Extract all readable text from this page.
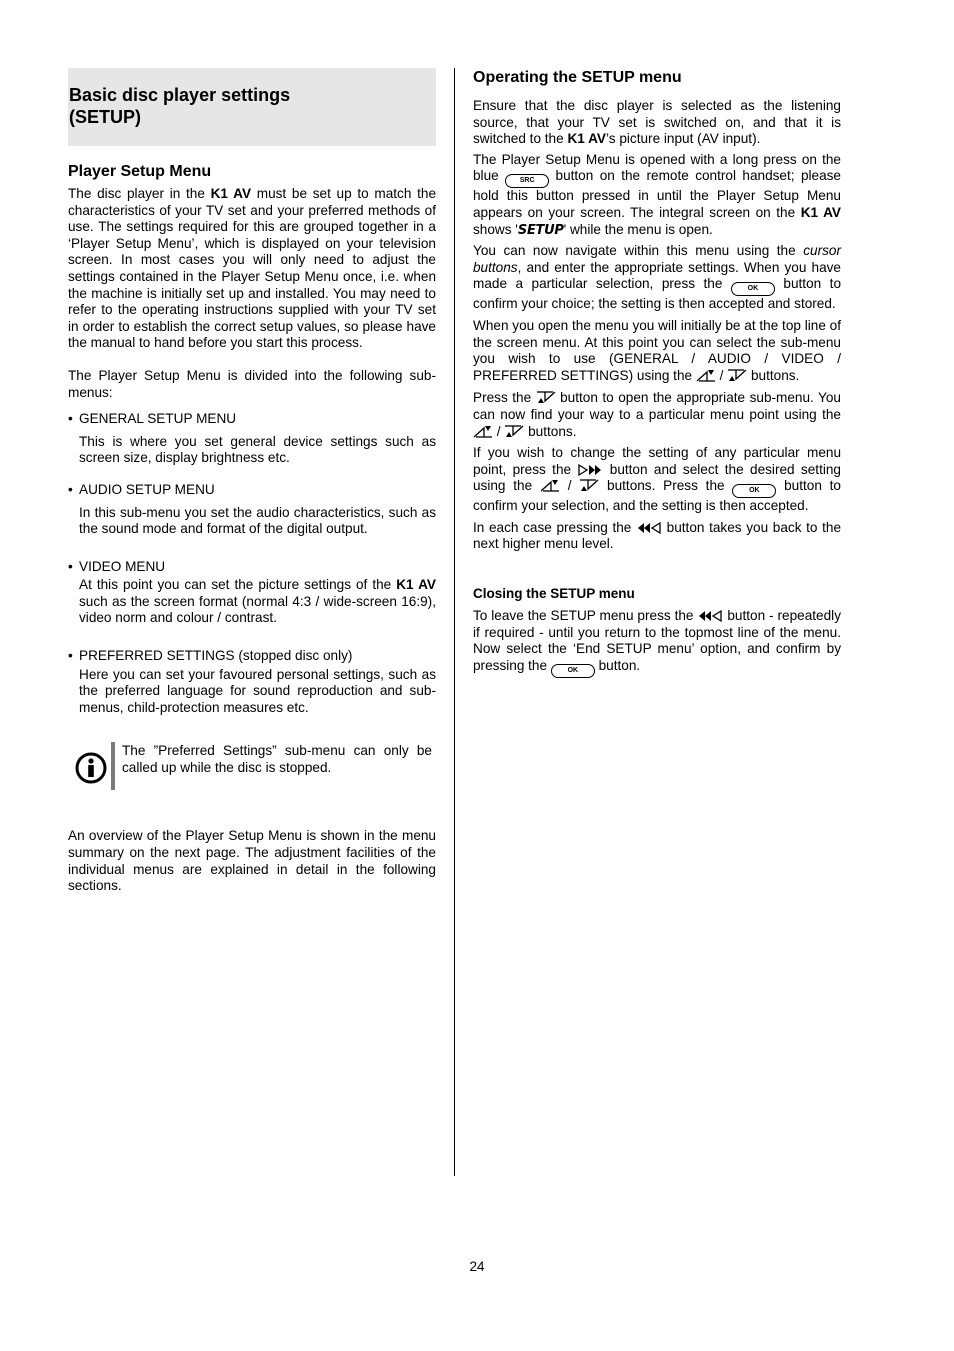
Basic disc player settings
(SETUP)
Player Setup Menu

The disc player in the K1 AV must be set up to match the characteristics of your TV set and your preferred methods of use. The settings required for this are grouped together in a ‘Player Setup Menu’, which is displayed on your television screen. In most cases you will only need to adjust the settings contained in the Player Setup Menu once, i.e. when the machine is initially set up and installed. You may need to refer to the operating instructions supplied with your TV set in order to establish the correct setup values, so please have the manual to hand before you start this process.

The Player Setup Menu is divided into the following sub-menus:

• GENERAL SETUP MENU
This is where you set general device settings such as screen size, display brightness etc.
• AUDIO SETUP MENU
In this sub-menu you set the audio characteristics, such as the sound mode and format of the digital output.
• VIDEO MENU
At this point you can set the picture settings of the K1 AV such as the screen format (normal 4:3 / wide-screen 16:9), video norm and colour / contrast.
• PREFERRED SETTINGS (stopped disc only)
Here you can set your favoured personal settings, such as the preferred language for sound reproduction and sub-menus, child-protection measures etc.
The ”Preferred Settings” sub-menu can only be called up while the disc is stopped.

An overview of the Player Setup Menu is shown in the menu summary on the next page. The adjustment facilities of the individual menus are explained in detail in the following sections.

Operating the SETUP menu

Ensure that the disc player is selected as the listening source, that your TV set is switched on, and that it is switched to the K1 AV’s picture input (AV input).

The Player Setup Menu is opened with a long press on the blue SRC button on the remote control handset; please hold this button pressed in until the Player Setup Menu appears on your screen. The integral screen on the K1 AV shows 'SETUP' while the menu is open.

You can now navigate within this menu using the cursor buttons, and enter the appropriate settings. When you have made a particular selection, press the OK button to confirm your choice; the setting is then accepted and stored.

When you open the menu you will initially be at the top line of the screen menu. At this point you can select the sub-menu you wish to use (GENERAL / AUDIO / VIDEO / PREFERRED SETTINGS) using the  /  buttons.

Press the  button to open the appropriate sub-menu. You can now find your way to a particular menu point using the  /  buttons.

If you wish to change the setting of any particular menu point, press the  button and select the desired setting using the  /  buttons. Press the OK button to confirm your selection, and the setting is then accepted.

In each case pressing the  button takes you back to the next higher menu level.

Closing the SETUP menu

To leave the SETUP menu press the  button - repeatedly if required - until you return to the topmost line of the menu. Now select the ‘End SETUP menu’ option, and confirm by pressing the OK button.

24
